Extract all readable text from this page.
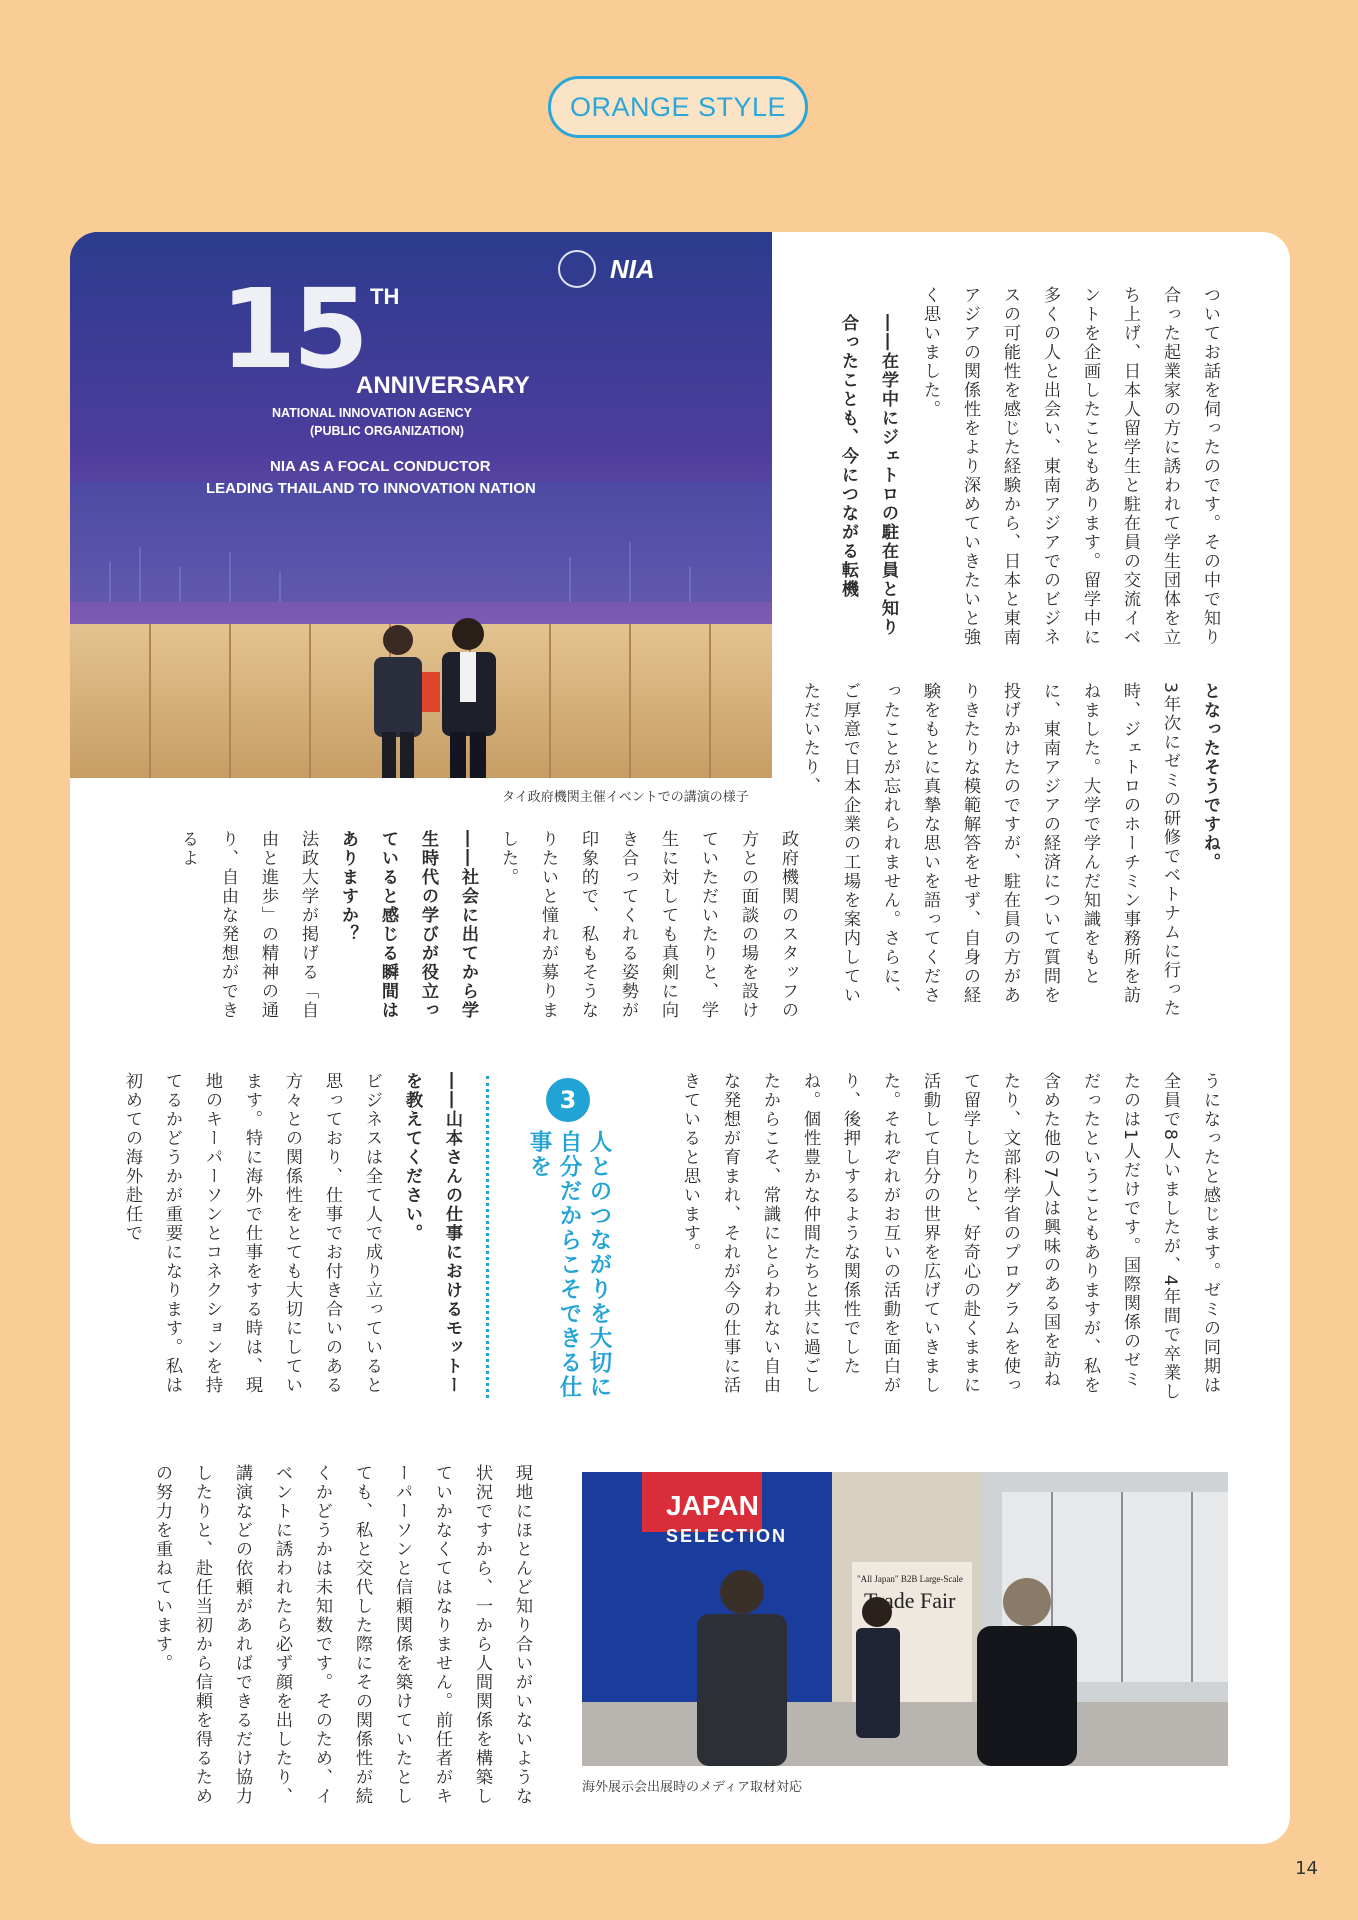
ORANGE STYLE
NIA
15 TH
ANNIVERSARY
NATIONAL INNOVATION AGENCY
(PUBLIC ORGANIZATION)
NIA AS A FOCAL CONDUCTOR
LEADING THAILAND TO INNOVATION NATION
タイ政府機関主催イベントでの講演の様子
JAPAN
SELECTION
"All Japan" B2B Large-Scale
Trade Fair
海外展示会出展時のメディア取材対応

ついてお話を伺ったのです。その中で知り合った起業家の方に誘われて学生団体を立ち上げ、日本人留学生と駐在員の交流イベントを企画したこともあります。留学中に多くの人と出会い、東南アジアでのビジネスの可能性を感じた経験から、日本と東南アジアの関係性をより深めていきたいと強く思いました。

――在学中にジェトロの駐在員と知り合ったことも、今につながる転機

となったそうですね。

3年次にゼミの研修でベトナムに行った時、ジェトロのホーチミン事務所を訪ねました。大学で学んだ知識をもとに、東南アジアの経済について質問を投げかけたのですが、駐在員の方がありきたりな模範解答をせず、自身の経験をもとに真摯な思いを語ってくださったことが忘れられません。さらに、ご厚意で日本企業の工場を案内していただいたり、

政府機関のスタッフの方との面談の場を設けていただいたりと、学生に対しても真剣に向き合ってくれる姿勢が印象的で、私もそうなりたいと憧れが募りました。

――社会に出てから学生時代の学びが役立っていると感じる瞬間はありますか？

法政大学が掲げる「自由と進歩」の精神の通り、自由な発想ができるよ

うになったと感じます。ゼミの同期は全員で8人いましたが、4年間で卒業したのは1人だけです。国際関係のゼミだったということもありますが、私を含めた他の7人は興味のある国を訪ねたり、文部科学省のプログラムを使って留学したりと、好奇心の赴くままに活動して自分の世界を広げていきました。それぞれがお互いの活動を面白がり、後押しするような関係性でしたね。個性豊かな仲間たちと共に過ごしたからこそ、常識にとらわれない自由な発想が育まれ、それが今の仕事に活きていると思います。

3
人とのつながりを大切に自分だからこそできる仕事を

――山本さんの仕事におけるモットーを教えてください。

ビジネスは全て人で成り立っていると思っており、仕事でお付き合いのある方々との関係性をとても大切にしています。特に海外で仕事をする時は、現地のキーパーソンとコネクションを持てるかどうかが重要になります。私は初めての海外赴任で

現地にほとんど知り合いがいないような状況ですから、一から人間関係を構築していかなくてはなりません。前任者がキーパーソンと信頼関係を築けていたとしても、私と交代した際にその関係性が続くかどうかは未知数です。そのため、イベントに誘われたら必ず顔を出したり、講演などの依頼があればできるだけ協力したりと、赴任当初から信頼を得るための努力を重ねています。

14
